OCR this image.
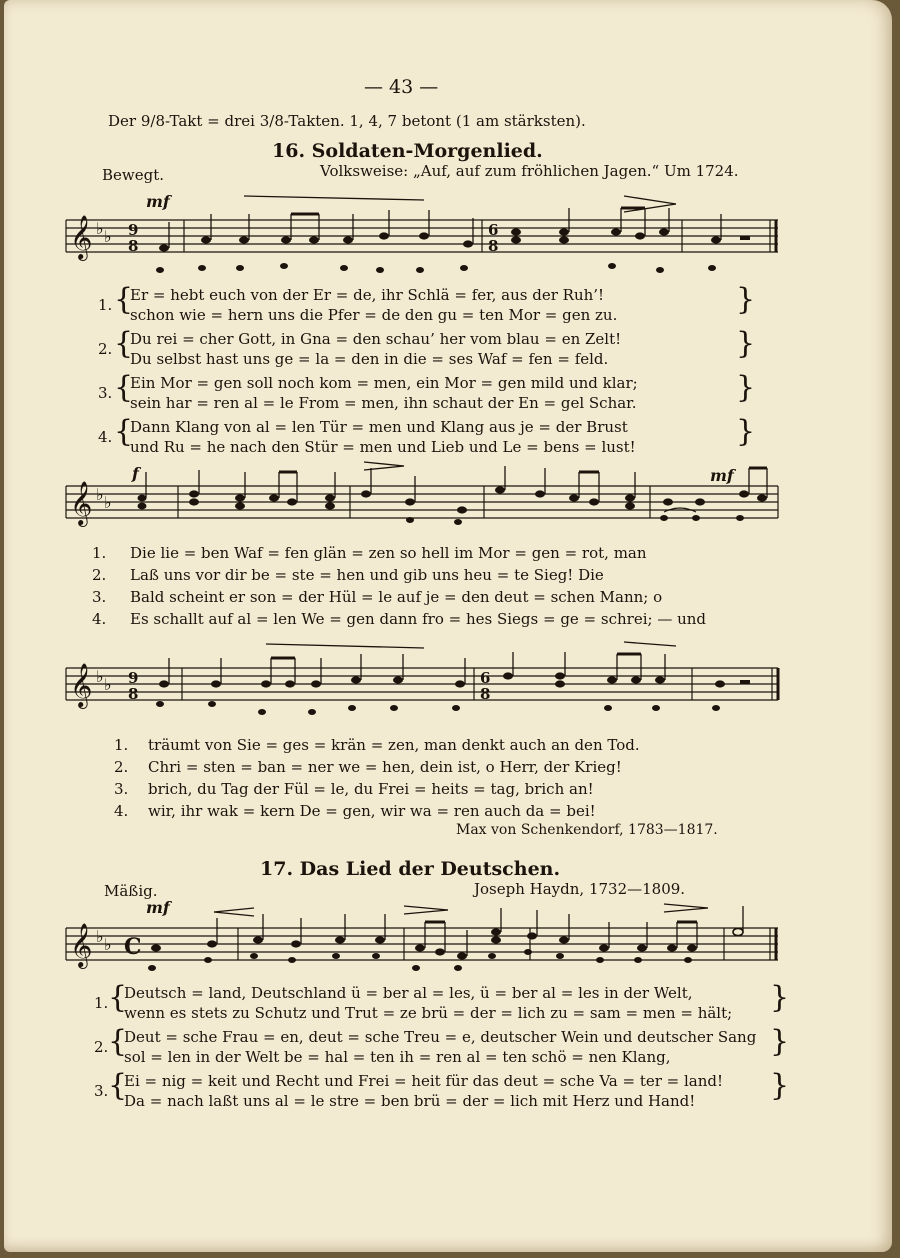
— 43 —
Der 9/8-Takt = drei 3/8-Takten. 1, 4, 7 betont (1 am stärksten).
16. Soldaten-Morgenlied.
Bewegt.	Volksweise: „Auf, auf zum fröhlichen Jagen.“ Um 1724.
mf
𝄞 ♭ ♭ 9
8
6
8
1. {
Er = hebt euch von der Er = de, ihr Schlä = fer, aus der Ruh’!
schon wie = hern uns die Pfer = de den gu = ten Mor = gen zu.	}
2. {
Du rei = cher Gott, in Gna = den schau’ her vom blau = en Zelt!
Du selbst hast uns ge = la = den in die = ses Waf = fen = feld.	}
3. {
Ein Mor = gen soll noch kom = men, ein Mor = gen mild und klar;
sein har = ren al = le From = men, ihn schaut der En = gel Schar.	}
4. {
Dann Klang von al = len Tür = men und Klang aus je = der Brust
und Ru = he nach den Stür = men und Lieb und Le = bens = lust!	}
f	mf
𝄞 ♭ ♭
1. Die lie = ben Waf = fen glän = zen so hell im Mor = gen = rot, man
2. Laß uns vor dir be = ste = hen und gib uns heu = te Sieg! Die
3. Bald scheint er son = der Hül = le auf je = den deut = schen Mann; o
4. Es schallt auf al = len We = gen dann fro = hes Siegs = ge = schrei; — und
𝄞 ♭ ♭ 9
8
6
8
1. träumt von Sie = ges = krän = zen, man denkt auch an den Tod.
2. Chri = sten = ban = ner we = hen, dein ist, o Herr, der Krieg!
3. brich, du Tag der Fül = le, du Frei = heits = tag, brich an!
4. wir, ihr wak = kern De = gen, wir wa = ren auch da = bei!
Max von Schenkendorf, 1783—1817.
17. Das Lied der Deutschen.
Mäßig.	Joseph Haydn, 1732—1809.
mf
𝄞 ♭ ♭ C
1. {
Deutsch = land, Deutschland ü = ber al = les, ü = ber al = les in der Welt,
wenn es stets zu Schutz und Trut = ze brü = der = lich zu = sam = men = hält; }
2. {
Deut = sche Frau = en, deut = sche Treu = e, deutscher Wein und deutscher Sang
sol = len in der Welt be = hal = ten ih = ren al = ten schö = nen Klang,	}
3. {
Ei = nig = keit und Recht und Frei = heit für das deut = sche Va = ter = land!
Da = nach laßt uns al = le stre = ben brü = der = lich mit Herz und Hand! }
